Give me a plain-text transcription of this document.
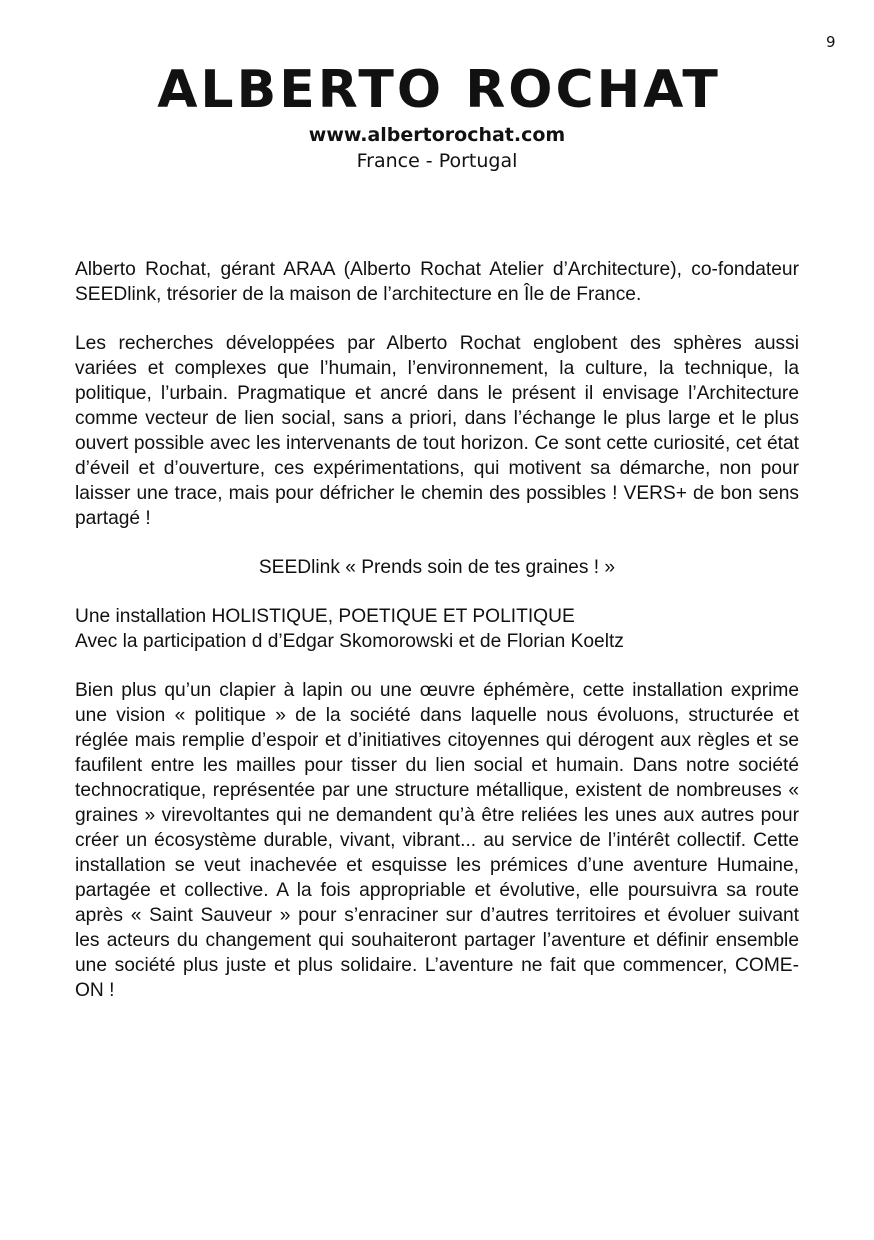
9
ALBERTO ROCHAT
www.albertorochat.com
France - Portugal

Alberto Rochat, gérant ARAA (Alberto Rochat Atelier d’Architecture), co-fondateur SEEDlink, trésorier de la maison de l’architecture en Île de France.

Les recherches développées par Alberto Rochat englobent des sphères aussi variées et complexes que l’humain, l’environnement, la culture, la technique, la politique, l’urbain. Pragmatique et ancré dans le présent il envisage l’Architecture comme vecteur de lien social, sans a priori, dans l’échange le plus large et le plus ouvert possible avec les intervenants de tout horizon. Ce sont cette curiosité, cet état d’éveil et d’ouverture, ces expérimentations, qui motivent sa démarche, non pour laisser une trace, mais pour défricher le chemin des possibles ! VERS+ de bon sens partagé !

SEEDlink « Prends soin de tes graines ! »

Une installation HOLISTIQUE, POETIQUE ET POLITIQUE
Avec la participation d d’Edgar Skomorowski et de Florian Koeltz

Bien plus qu’un clapier à lapin ou une œuvre éphémère, cette installation exprime une vision « politique » de la société dans laquelle nous évoluons, structurée et réglée mais remplie d’espoir et d’initiatives citoyennes qui dérogent aux règles et se faufilent entre les mailles pour tisser du lien social et humain. Dans notre société technocratique, représentée par une structure métallique, existent de nombreuses « graines » virevoltantes qui ne demandent qu’à être reliées les unes aux autres pour créer un écosystème durable, vivant, vibrant... au service de l’intérêt collectif. Cette installation se veut inachevée et esquisse les prémices d’une aventure Humaine, partagée et collective. A la fois appropriable et évolutive, elle poursuivra sa route après « Saint Sauveur » pour s’enraciner sur d’autres territoires et évoluer suivant les acteurs du changement qui souhaiteront partager l’aventure et définir ensemble une société plus juste et plus solidaire. L’aventure ne fait que commencer, COME-ON !
